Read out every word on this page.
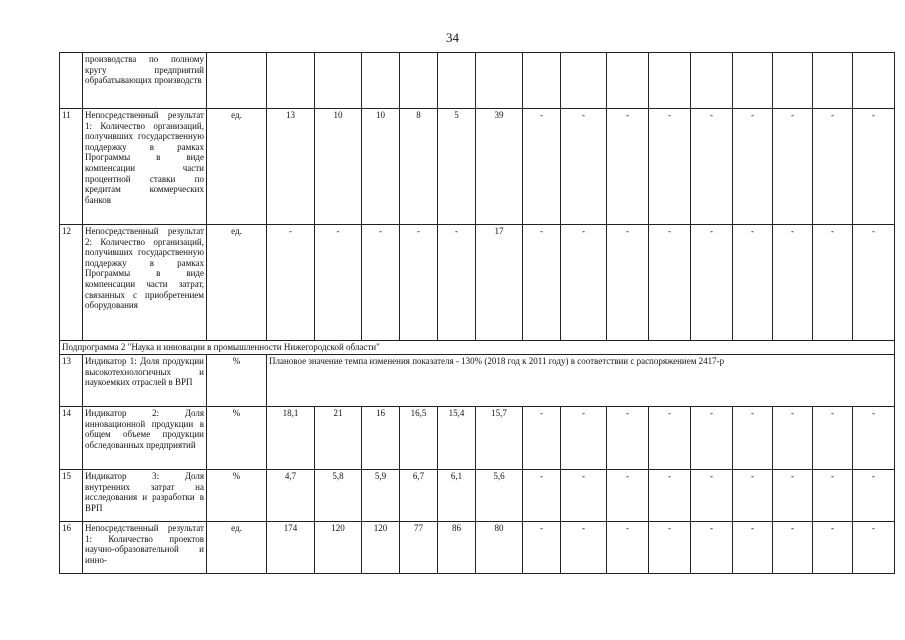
34
	производства по полному кругу предприятий обрабатывающих производств																
11	Непосредственный результат 1: Количество организаций, получивших государственную поддержку в рамках Программы в виде компенсации части процентной ставки по кредитам коммерческих банков	ед.	13	10	10	8	5	39	-	-	-	-	-	-	-	-	-
12	Непосредственный результат 2: Количество организаций, получивших государственную поддержку в рамках Программы в виде компенсации части затрат, связанных с приобретением оборудования	ед.	-	-	-	-	-	17	-	-	-	-	-	-	-	-	-
Подпрограмма 2 "Наука и инновации в промышленности Нижегородской области"																	
13	Индикатор 1: Доля продукции высокотехнологичных и наукоемких отраслей в ВРП	%	Плановое значение темпа изменения показателя - 130% (2018 год к 2011 году) в соответствии с распоряжением 2417-р														
14	Индикатор 2: Доля инновационной продукции в общем объеме продукции обследованных предприятий	%	18,1	21	16	16,5	15,4	15,7	-	-	-	-	-	-	-	-	-
15	Индикатор 3: Доля внутренних затрат на исследования и разработки в ВРП	%	4,7	5,8	5,9	6,7	6,1	5,6	-	-	-	-	-	-	-	-	-
16	Непосредственный результат 1: Количество проектов научно-образовательной и инно-	ед.	174	120	120	77	86	80	-	-	-	-	-	-	-	-	-
